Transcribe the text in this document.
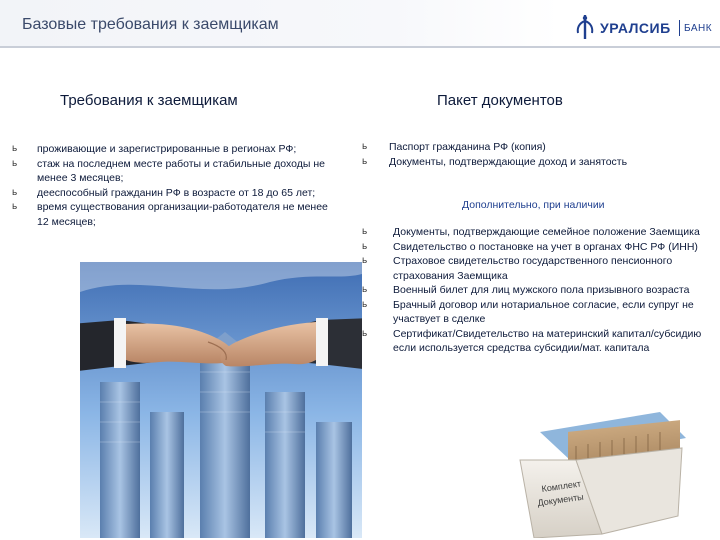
Базовые требования к заемщикам	УРАЛСИБ БАНК
Требования к заемщикам
ь проживающие и зарегистрированные в регионах РФ;
ь стаж на последнем месте работы и стабильные доходы не менее 3 месяцев;
ь дееспособный гражданин РФ в возрасте от 18 до 65 лет;
ь время существования организации-работодателя не менее 12 месяцев;
Пакет документов
ь Паспорт гражданина РФ (копия)
ь Документы, подтверждающие доход и занятость
Дополнительно, при наличии
ь Документы, подтверждающие семейное положение Заемщика
ь Свидетельство о постановке на учет в органах ФНС РФ (ИНН)
ь Страховое свидетельство государственного пенсионного страхования Заемщика
ь Военный билет для лиц мужского пола призывного возраста
ь Брачный договор или нотариальное согласие, если супруг не участвует в сделке
ь Сертификат/Свидетельство на материнский капитал/субсидию если используется средства субсидии/мат. капитала
Комплект
Документы
